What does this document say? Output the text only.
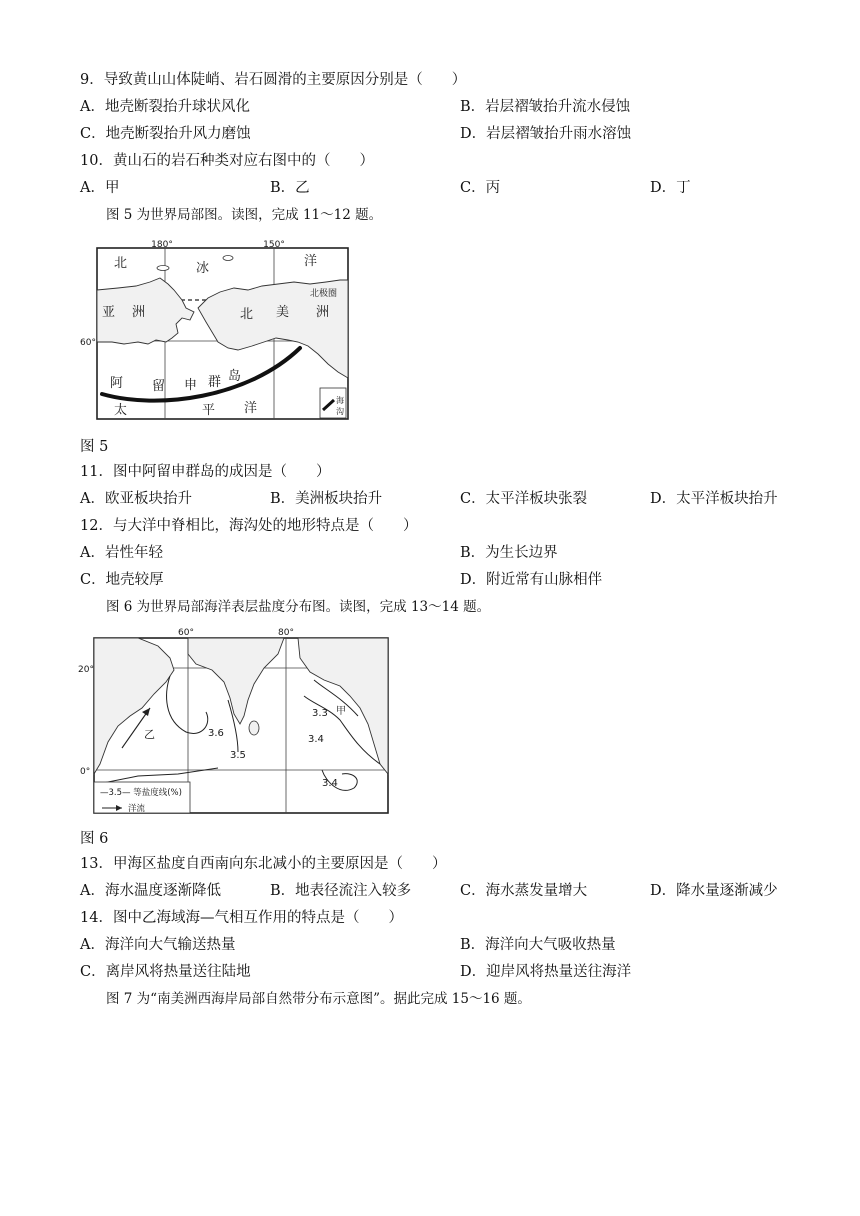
9．导致黄山山体陡峭、岩石圆滑的主要原因分别是（　　）
A．地壳断裂抬升球状风化	B．岩层褶皱抬升流水侵蚀
C．地壳断裂抬升风力磨蚀	D．岩层褶皱抬升雨水溶蚀
10．黄山石的岩石种类对应右图中的（　　）
A．甲	B．乙	C．丙	D．丁
图 5 为世界局部图。读图，完成 11～12 题。
180°	150°
60°
北	冰	洋
北极圈
亚 洲	北 美 洲
阿 留 申 群 岛
太	平 洋
海
沟
图 5
11．图中阿留申群岛的成因是（　　）
A．欧亚板块抬升	B．美洲板块抬升	C．太平洋板块张裂	D．太平洋板块抬升
12．与大洋中脊相比，海沟处的地形特点是（　　）
A．岩性年轻	B．为生长边界
C．地壳较厚	D．附近常有山脉相伴
图 6 为世界局部海洋表层盐度分布图。读图，完成 13～14 题。
60°	80°
20°
0°
3.6
3.5
3.3 甲
3.4
3.4
乙
—3.5— 等盐度线(%)
洋流
图 6
13．甲海区盐度自西南向东北减小的主要原因是（　　）
A．海水温度逐渐降低	B．地表径流注入较多	C．海水蒸发量增大	D．降水量逐渐减少
14．图中乙海域海—气相互作用的特点是（　　）
A．海洋向大气输送热量	B．海洋向大气吸收热量
C．离岸风将热量送往陆地	D．迎岸风将热量送往海洋
图 7 为“南美洲西海岸局部自然带分布示意图”。据此完成 15～16 题。
